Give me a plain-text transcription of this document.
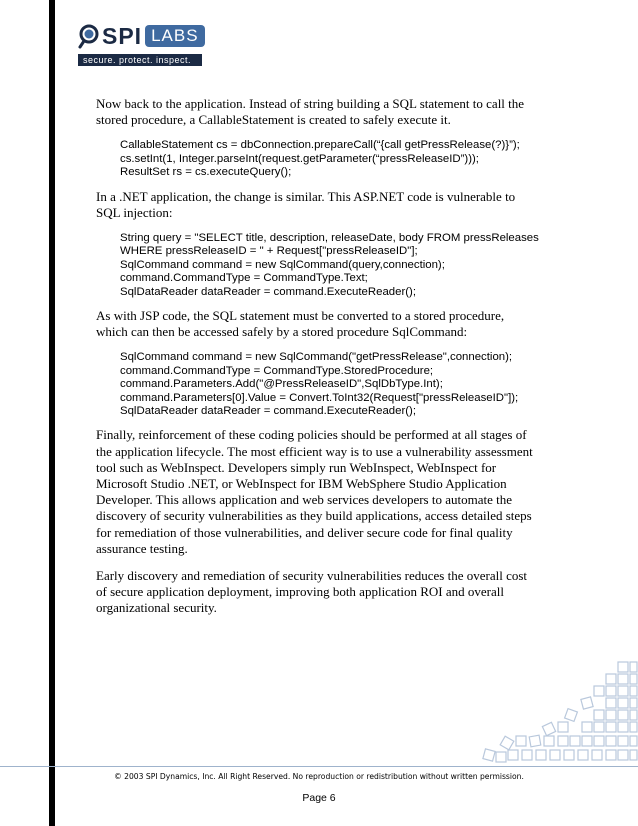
SPI LABS
secure. protect. inspect.

Now back to the application. Instead of string building a SQL statement to call the stored procedure, a CallableStatement is created to safely execute it.

CallableStatement cs = dbConnection.prepareCall(“{call getPressRelease(?)}”);
cs.setInt(1, Integer.parseInt(request.getParameter(“pressReleaseID”)));
ResultSet rs = cs.executeQuery();

In a .NET application, the change is similar. This ASP.NET code is vulnerable to SQL injection:

String query = "SELECT title, description, releaseDate, body FROM pressReleases
WHERE pressReleaseID = " + Request["pressReleaseID"];
SqlCommand command = new SqlCommand(query,connection);
command.CommandType = CommandType.Text;
SqlDataReader dataReader = command.ExecuteReader();

As with JSP code, the SQL statement must be converted to a stored procedure, which can then be accessed safely by a stored procedure SqlCommand:

SqlCommand command = new SqlCommand("getPressRelease",connection);
command.CommandType = CommandType.StoredProcedure;
command.Parameters.Add("@PressReleaseID",SqlDbType.Int);
command.Parameters[0].Value = Convert.ToInt32(Request["pressReleaseID"]);
SqlDataReader dataReader = command.ExecuteReader();

Finally, reinforcement of these coding policies should be performed at all stages of the application lifecycle. The most efficient way is to use a vulnerability assessment tool such as WebInspect. Developers simply run WebInspect, WebInspect for Microsoft Studio .NET, or WebInspect for IBM WebSphere Studio Application Developer. This allows application and web services developers to automate the discovery of security vulnerabilities as they build applications, access detailed steps for remediation of those vulnerabilities, and deliver secure code for final quality assurance testing.

Early discovery and remediation of security vulnerabilities reduces the overall cost of secure application deployment, improving both application ROI and overall organizational security.

© 2003 SPI Dynamics, Inc. All Right Reserved. No reproduction or redistribution without written permission.
Page 6
